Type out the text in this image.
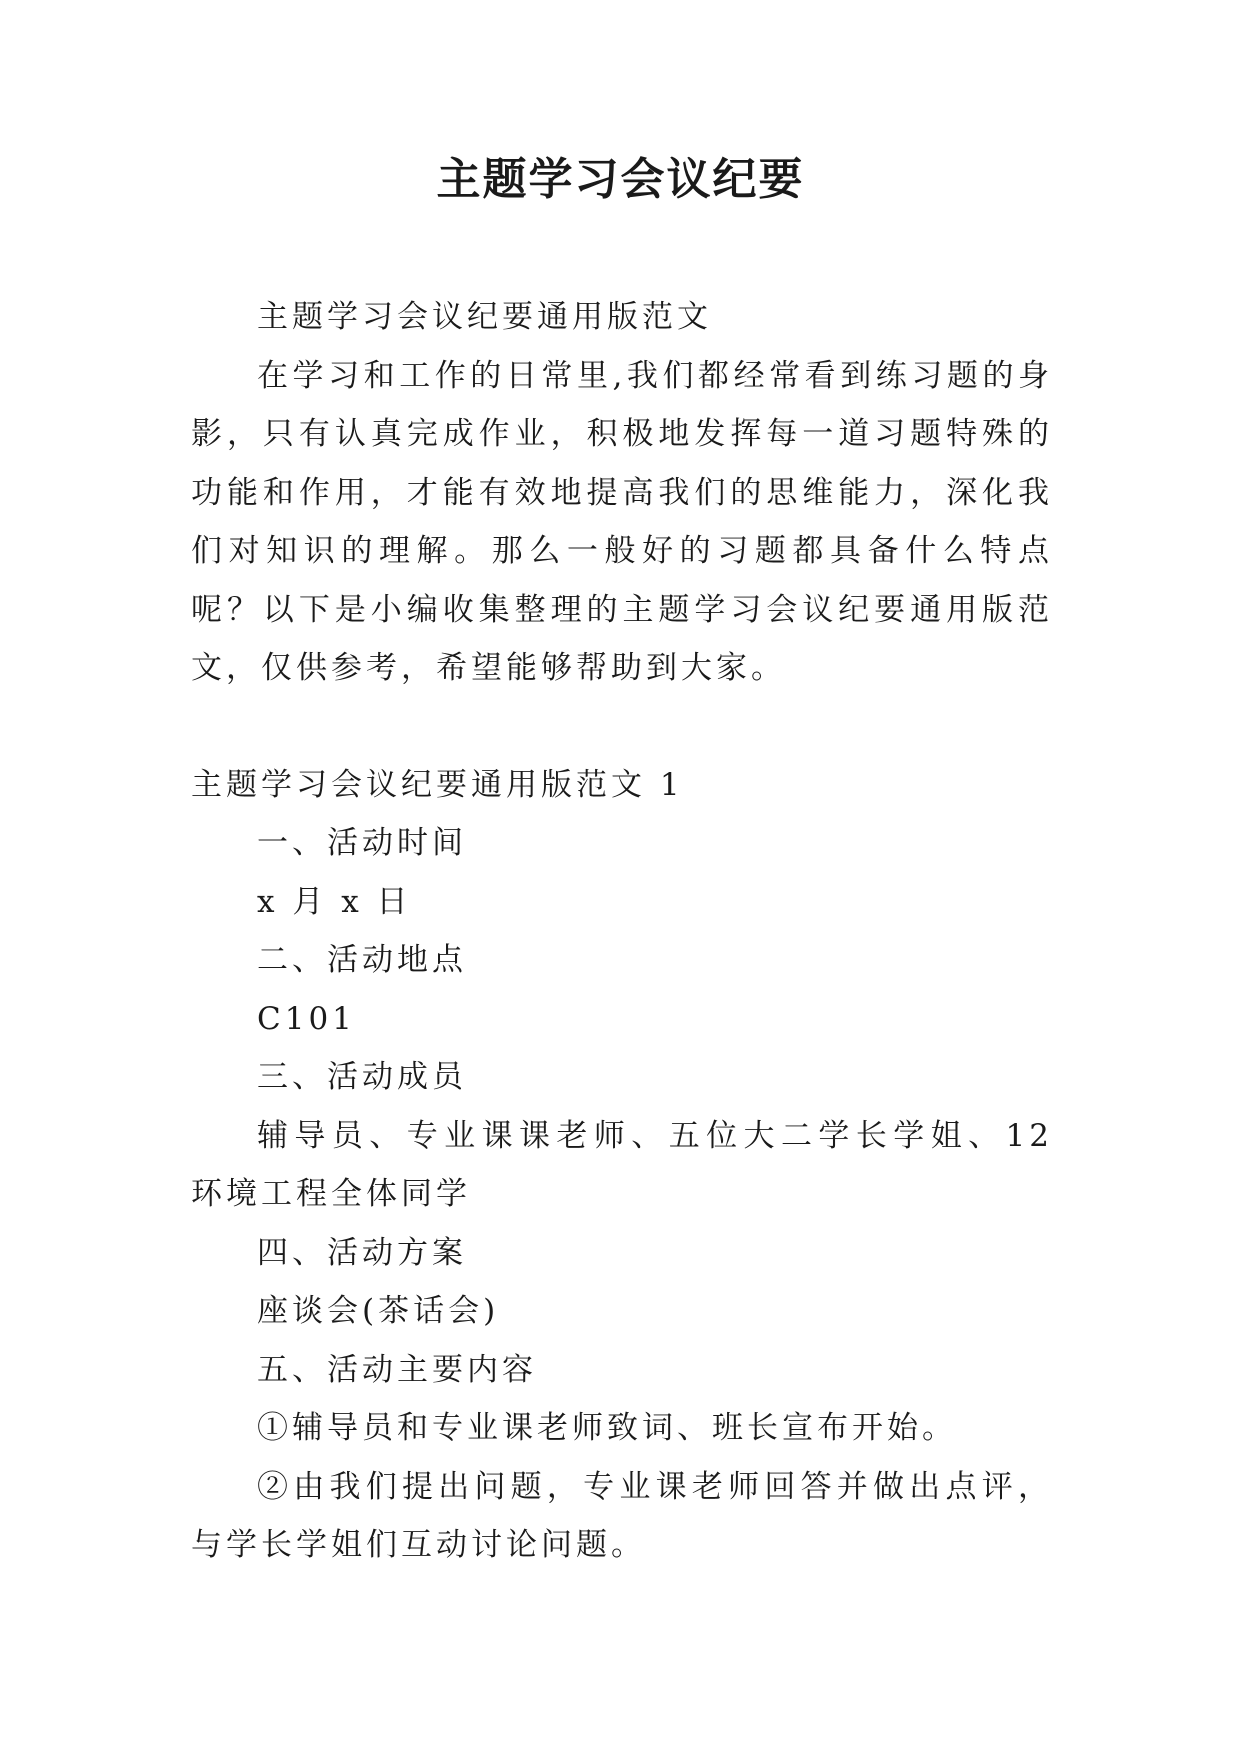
主题学习会议纪要

主题学习会议纪要通用版范文

在学习和工作的日常里,我们都经常看到练习题的身影，只有认真完成作业，积极地发挥每一道习题特殊的功能和作用，才能有效地提高我们的思维能力，深化我们对知识的理解。那么一般好的习题都具备什么特点呢？以下是小编收集整理的主题学习会议纪要通用版范文，仅供参考，希望能够帮助到大家。

主题学习会议纪要通用版范文 1

一、活动时间

x 月 x 日

二、活动地点

C101

三、活动成员

辅导员、专业课课老师、五位大二学长学姐、12 环境工程全体同学

四、活动方案

座谈会(茶话会)

五、活动主要内容

①辅导员和专业课老师致词、班长宣布开始。

②由我们提出问题，专业课老师回答并做出点评，与学长学姐们互动讨论问题。
